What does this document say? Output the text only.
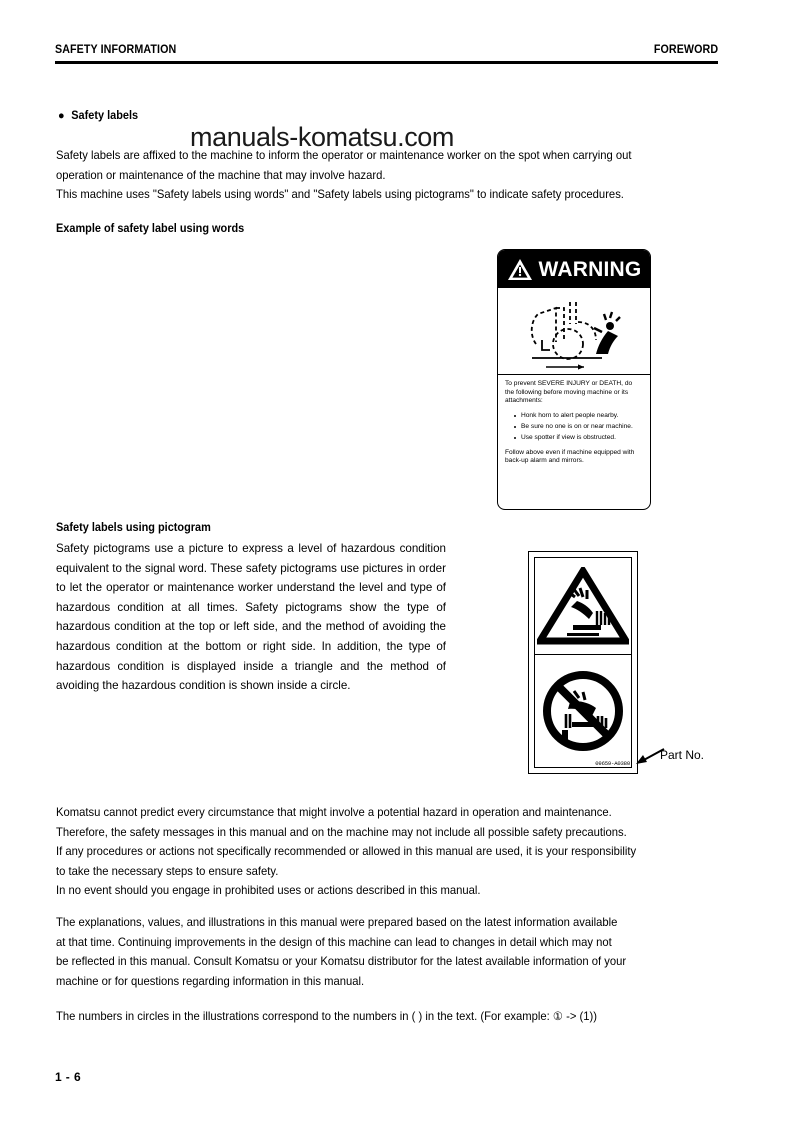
SAFETY INFORMATION	FOREWORD
● Safety labels
manuals-komatsu.com

Safety labels are affixed to the machine to inform the operator or maintenance worker on the spot when carrying out

operation or maintenance of the machine that may involve hazard.

This machine uses "Safety labels using words" and "Safety labels using pictograms" to indicate safety procedures.

Example of safety label using words
WARNING

To prevent SEVERE INJURY or DEATH, do the following before moving machine or its attachments:

Honk horn to alert people nearby.
Be sure no one is on or near machine.
Use spotter if view is obstructed.

Follow above even if machine equipped with back-up alarm and mirrors.

Safety labels using pictogram

Safety pictograms use a picture to express a level of hazardous condition equivalent to the signal word. These safety pictograms use pictures in order to let the operator or maintenance worker understand the level and type of hazardous condition at all times. Safety pictograms show the type of hazardous condition at the top or left side, and the method of avoiding the hazardous condition at the bottom or right side. In addition, the type of hazardous condition is displayed inside a triangle and the method of avoiding the hazardous condition is shown inside a circle.

09659-A0380
Part No.

Komatsu cannot predict every circumstance that might involve a potential hazard in operation and maintenance.

Therefore, the safety messages in this manual and on the machine may not include all possible safety precautions.

If any procedures or actions not specifically recommended or allowed in this manual are used, it is your responsibility

to take the necessary steps to ensure safety.

In no event should you engage in prohibited uses or actions described in this manual.

The explanations, values, and illustrations in this manual were prepared based on the latest information available

at that time. Continuing improvements in the design of this machine can lead to changes in detail which may not

be reflected in this manual. Consult Komatsu or your Komatsu distributor for the latest available information of your

machine or for questions regarding information in this manual.

The numbers in circles in the illustrations correspond to the numbers in ( ) in the text. (For example: ① -> (1))

1 - 6
